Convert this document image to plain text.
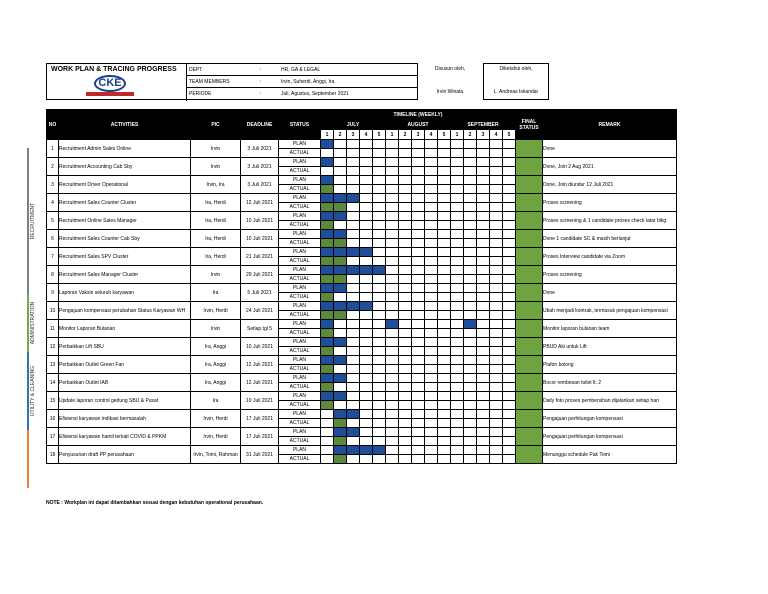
WORK PLAN & TRACING PROGRESS
CKE
DEPT	:	HR, GA & LEGAL
TEAM MEMBERS	:	Irvin, Suherdi, Anggi, Ira
PERIODE	:	Juli, Agustus, September 2021
Disusun oleh,
Irvin Winata
Diketahui oleh,
L. Andreas Iskandar
NO	ACTIVITIES	PIC	DEADLINE	STATUS	TIMELINE (WEEKLY)															FINAL STATUS	REMARK
					JULY					AUGUST					SEPTEMBER						
					1	2	3	4	5	1	2	3	4	5	1	2	3	4	5		
1	Recruitment Admin Sales Online	Irvin	3 Juli 2021	PLAN																	Done
				ACTUAL																	
2	Recruitment Accounting Cab Sby	Irvin	3 Juli 2021	PLAN																	Done, Join 2 Aug 2021
				ACTUAL																	
3	Recruitment Driver Operational	Irvin, Ira	3 Juli 2021	PLAN																	Done, Join diundur 12 Juli 2021
				ACTUAL																	
4	Recruitment Sales Counter Cluster	Ira, Herdi	12 Juli 2021	PLAN																	Proses screening
				ACTUAL																	
5	Recruitment Online Sales Manager	Ira, Herdi	10 Juli 2021	PLAN																	Proses screening & 1 candidate proses check latar blkg
				ACTUAL																	
6	Recruitment Sales Counter Cab Sby	Ira, Herdi	10 Juli 2021	PLAN																	Done 1 candidate SC & masih berlanjut
				ACTUAL																	
7	Recruitment Sales SPV Cluster	Ira, Herdi	21 Juli 2021	PLAN																	Proses Interview candidate via Zoom
				ACTUAL																	
8	Recruitment Sales Manager Cluster	Irvin	29 Juli 2021	PLAN																	Proses screening
				ACTUAL																	
9	Laporan Vaksin seluruh karyawan	Ira	5 Juli 2021	PLAN																	Done
				ACTUAL																	
10	Pengajuan kompensasi perubahan Status Karyawan WH	Irvin, Herdi	24 Juli 2021	PLAN																	Ubah menjadi kontrak, termasuk pengajuan kompensasi
				ACTUAL																	
11	Monitor Laporan Bulanan	Irvin	Setiap tgl 5	PLAN																	Monitor laporan bulanan team
				ACTUAL																	
12	Perbaikkan Lift SBU	Ira, Anggi	10 Juli 2021	PLAN																	PBUD Aki untuk Lift
				ACTUAL																	
13	Perbaikkan Outlet Green Fan	Ira, Anggi	12 Juli 2021	PLAN																	Plafon bolong
				ACTUAL																	
14	Perbaikkan Outlet IAB	Ira, Anggi	12 Juli 2021	PLAN																	Bocor rembesan toilet lt. 2
				ACTUAL																	
15	Update laporan control gedung SBU & Pusat	Ira	10 Juli 2021	PLAN																	Daily foto proses pembersihan dijalankan setiap hari
				ACTUAL																	
16	Efisiensi karyawan indikasi bermasalah	Irvin, Herdi	17 Juli 2021	PLAN																	Pengajuan perhitungan kompensasi
				ACTUAL																	
17	Efisiensi karyawan hamil terkait COVID & PPKM	Irvin, Herdi	17 Juli 2021	PLAN																	Pengajuan perhitungan kompensasi
				ACTUAL																	
18	Penyusunan draft PP perusahaan	Irvin, Tomi, Rahman	31 Juli 2021	PLAN																	Menunggu schedule Pak Tomi
				ACTUAL																	
RECRUITMENT
ADMINISTRATION
UTILITY & CLEANING
NOTE : Workplan ini dapat ditambahkan sesuai dengan kebutuhan operational perusahaan.
